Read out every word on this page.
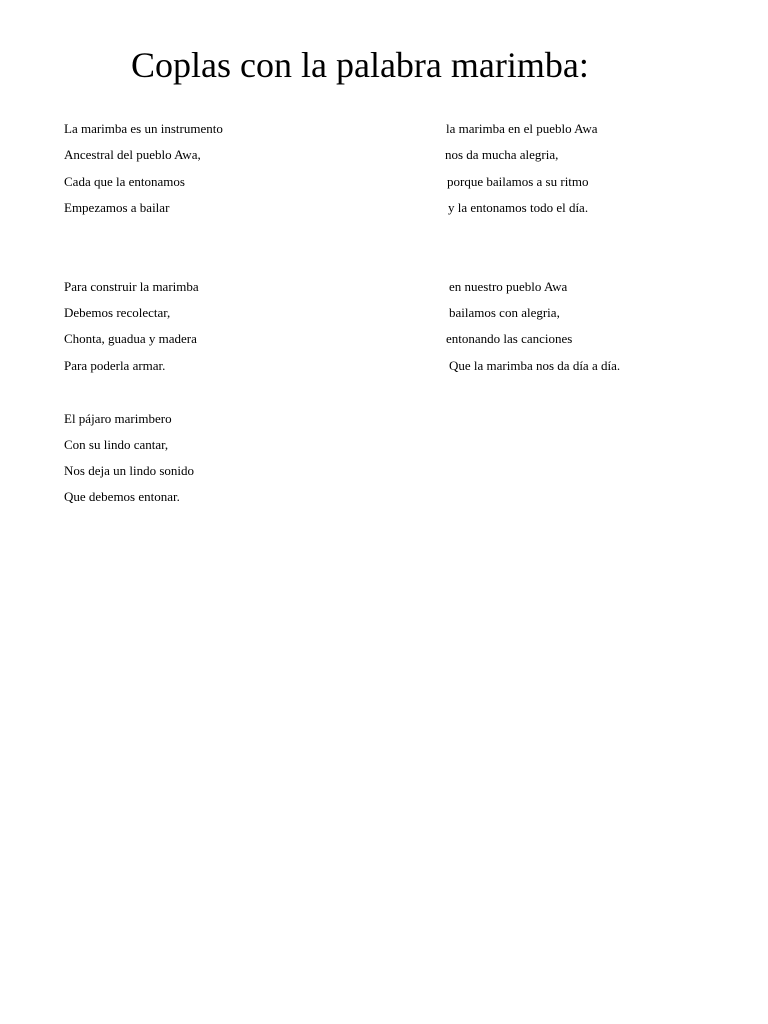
Coplas con la palabra marimba:
La marimba es un instrumento
Ancestral del pueblo Awa,
Cada que la entonamos
Empezamos a bailar
la marimba en el pueblo Awa
nos da mucha alegria,
porque bailamos a su ritmo
y la entonamos todo el día.
Para construir la marimba
Debemos recolectar,
Chonta, guadua y madera
Para poderla armar.
en nuestro pueblo Awa
bailamos con alegria,
entonando las canciones
Que la marimba nos da día a día.
El pájaro marimbero
Con su lindo cantar,
Nos deja un lindo sonido
Que debemos entonar.
